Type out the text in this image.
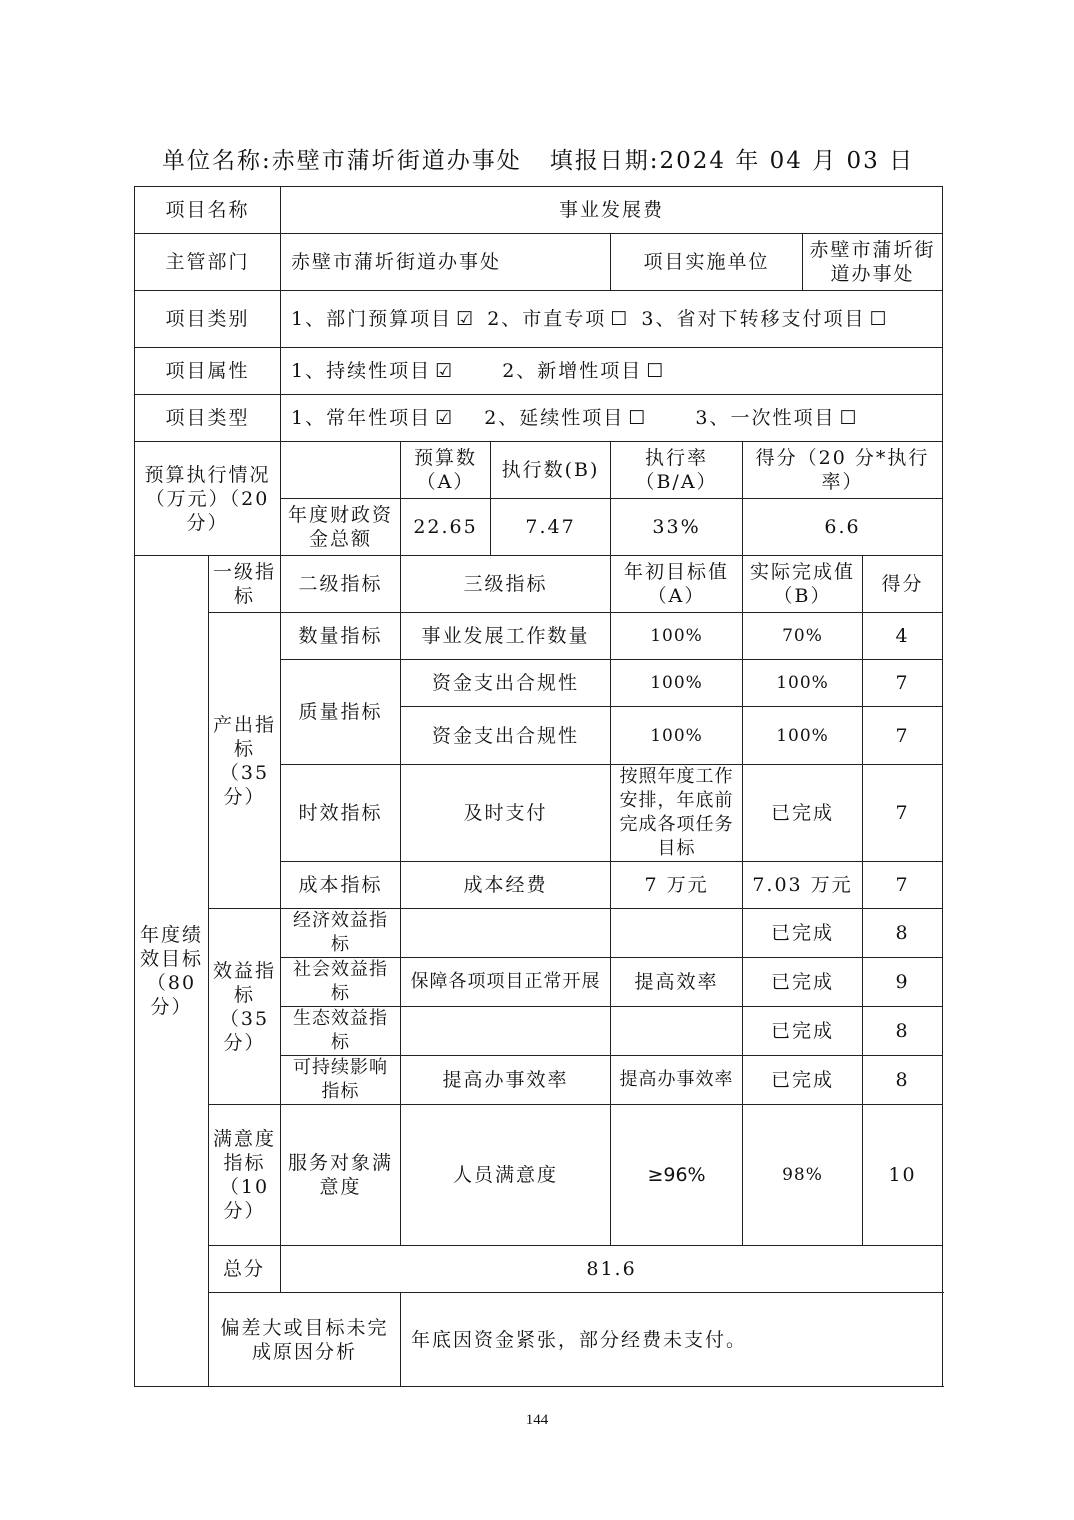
单位名称:赤壁市蒲圻街道办事处 填报日期:2024 年 04 月 03 日
项目名称		事业发展费						
主管部门		赤壁市蒲圻街道办事处			项目实施单位		赤壁市蒲圻街道办事处	
项目类别		1、部门预算项目 ☑ 2、市直专项 ☐ 3、省对下转移支付项目 ☐						
项目属性		1、持续性项目 ☑ 2、新增性项目 ☐						
项目类型		1、常年性项目 ☑ 2、延续性项目 ☐ 3、一次性项目 ☐						
预算执行情况（万元）（20 分）			预算数（A）	执行数(B)	执行率（B/A）	得分（20 分*执行率）		
		年度财政资金总额	22.65	7.47	33%	6.6		
年度绩效目标（80 分）	一级指标	二级指标	三级指标		年初目标值（A）	实际完成值（B）		得分
	产出指标（35 分）	数量指标	事业发展工作数量		100%	70%		4
		质量指标	资金支出合规性		100%	100%		7
			资金支出合规性		100%	100%		7
		时效指标	及时支付		按照年度工作安排，年底前完成各项任务目标	已完成		7
		成本指标	成本经费		7 万元	7.03 万元		7
	效益指标（35 分）	经济效益指标				已完成		8
		社会效益指标	保障各项项目正常开展		提高效率	已完成		9
		生态效益指标				已完成		8
		可持续影响指标	提高办事效率		提高办事效率	已完成		8
	满意度指标（10 分）	服务对象满意度	人员满意度		≥96%	98%		10
	总分	81.6						
	偏差大或目标未完成原因分析		年底因资金紧张，部分经费未支付。					
144
